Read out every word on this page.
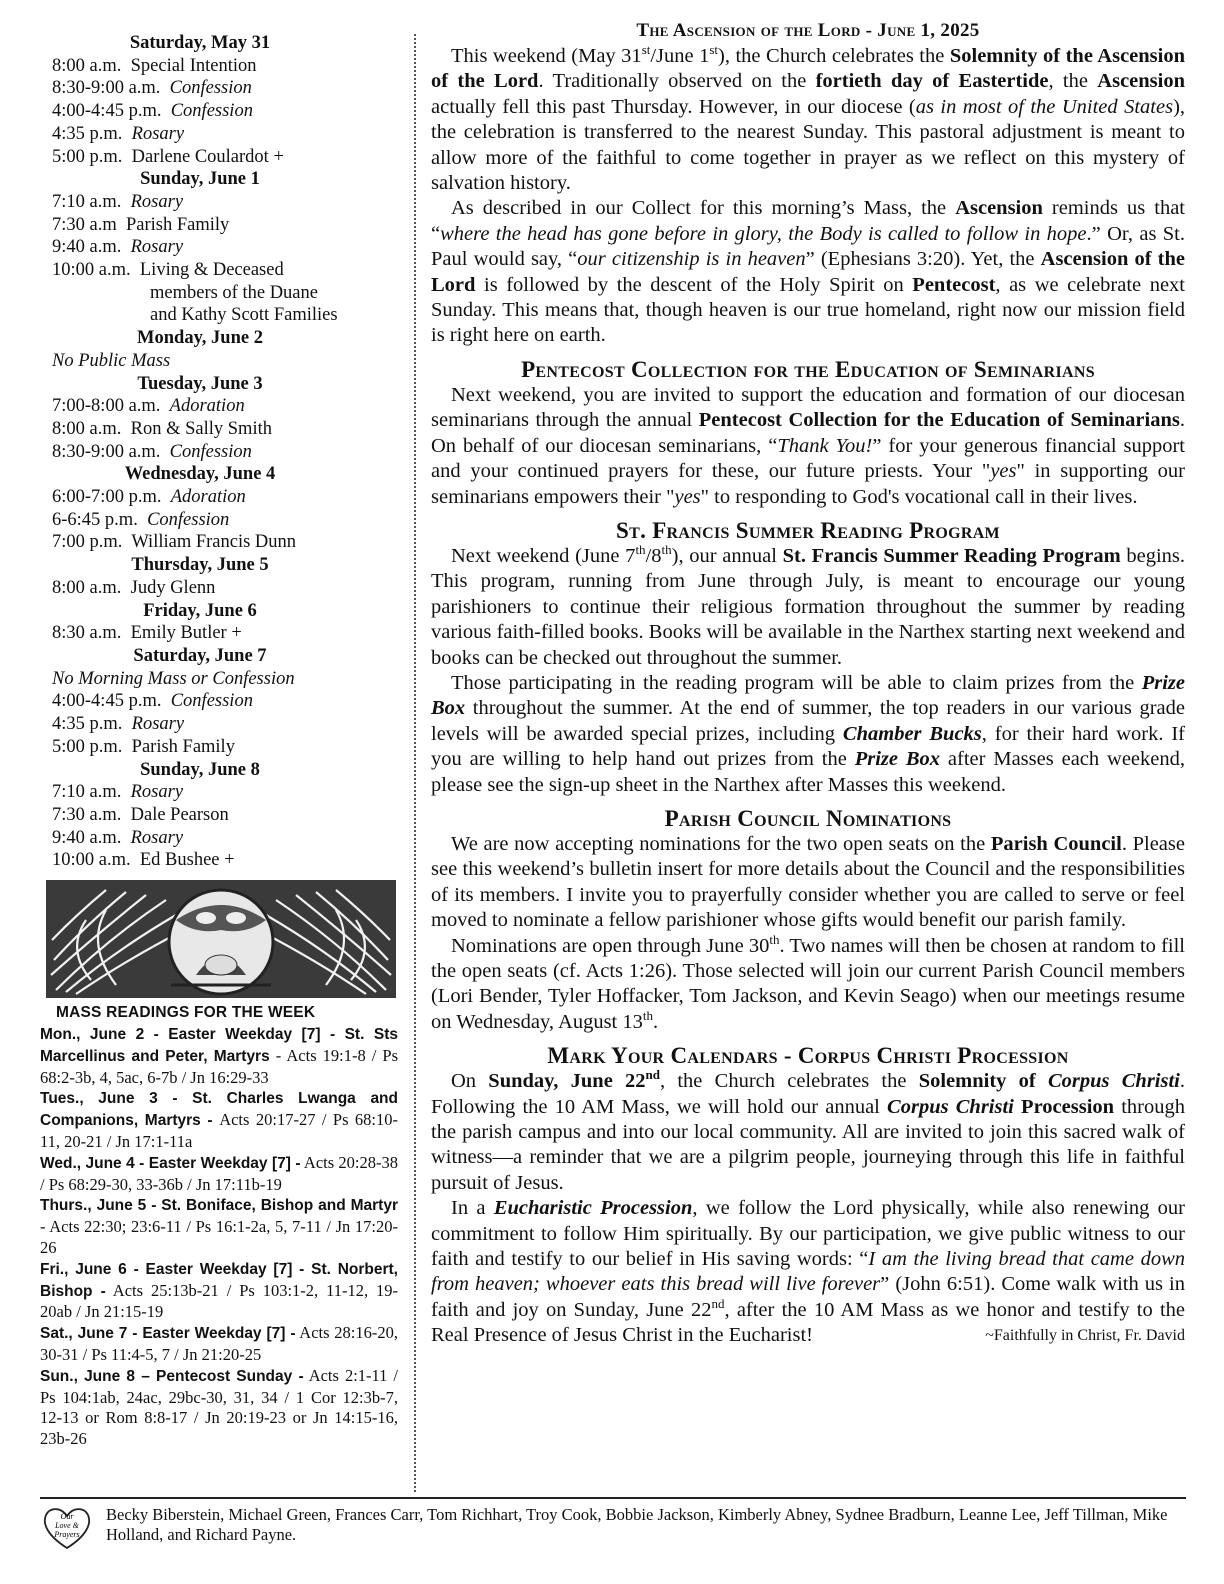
Saturday, May 31
8:00 a.m. Special Intention
8:30-9:00 a.m. Confession
4:00-4:45 p.m. Confession
4:35 p.m. Rosary
5:00 p.m. Darlene Coulardot +
Sunday, June 1
7:10 a.m. Rosary
7:30 a.m Parish Family
9:40 a.m. Rosary
10:00 a.m. Living & Deceased
members of the Duane
and Kathy Scott Families
Monday, June 2
No Public Mass
Tuesday, June 3
7:00-8:00 a.m. Adoration
8:00 a.m. Ron & Sally Smith
8:30-9:00 a.m. Confession
Wednesday, June 4
6:00-7:00 p.m. Adoration
6-6:45 p.m. Confession
7:00 p.m. William Francis Dunn
Thursday, June 5
8:00 a.m. Judy Glenn
Friday, June 6
8:30 a.m. Emily Butler +
Saturday, June 7
No Morning Mass or Confession
4:00-4:45 p.m. Confession
4:35 p.m. Rosary
5:00 p.m. Parish Family
Sunday, June 8
7:10 a.m. Rosary
7:30 a.m. Dale Pearson
9:40 a.m. Rosary
10:00 a.m. Ed Bushee +
MASS READINGS FOR THE WEEK

Mon., June 2 - Easter Weekday [7] - St. Sts Marcellinus and Peter, Martyrs - Acts 19:1-8 / Ps 68:2-3b, 4, 5ac, 6-7b / Jn 16:29-33

Tues., June 3 - St. Charles Lwanga and Companions, Martyrs - Acts 20:17-27 / Ps 68:10-11, 20-21 / Jn 17:1-11a

Wed., June 4 - Easter Weekday [7] - Acts 20:28-38 / Ps 68:29-30, 33-36b / Jn 17:11b-19

Thurs., June 5 - St. Boniface, Bishop and Martyr - Acts 22:30; 23:6-11 / Ps 16:1-2a, 5, 7-11 / Jn 17:20-26

Fri., June 6 - Easter Weekday [7] - St. Norbert, Bishop - Acts 25:13b-21 / Ps 103:1-2, 11-12, 19-20ab / Jn 21:15-19

Sat., June 7 - Easter Weekday [7] - Acts 28:16-20, 30-31 / Ps 11:4-5, 7 / Jn 21:20-25

Sun., June 8 – Pentecost Sunday - Acts 2:1-11 / Ps 104:1ab, 24ac, 29bc-30, 31, 34 / 1 Cor 12:3b-7, 12-13 or Rom 8:8-17 / Jn 20:19-23 or Jn 14:15-16, 23b-26

The Ascension of the Lord - June 1, 2025

This weekend (May 31st/June 1st), the Church celebrates the Solemnity of the Ascension of the Lord. Traditionally observed on the fortieth day of Eastertide, the Ascension actually fell this past Thursday. However, in our diocese (as in most of the United States), the celebration is transferred to the nearest Sunday. This pastoral adjustment is meant to allow more of the faithful to come together in prayer as we reflect on this mystery of salvation history.

As described in our Collect for this morning’s Mass, the Ascension reminds us that “where the head has gone before in glory, the Body is called to follow in hope.” Or, as St. Paul would say, “our citizenship is in heaven” (Ephesians 3:20). Yet, the Ascension of the Lord is followed by the descent of the Holy Spirit on Pentecost, as we celebrate next Sunday. This means that, though heaven is our true homeland, right now our mission field is right here on earth.

Pentecost Collection for the Education of Seminarians

Next weekend, you are invited to support the education and formation of our diocesan seminarians through the annual Pentecost Collection for the Education of Seminarians. On behalf of our diocesan seminarians, “Thank You!” for your generous financial support and your continued prayers for these, our future priests. Your "yes" in supporting our seminarians empowers their "yes" to responding to God's vocational call in their lives.

St. Francis Summer Reading Program

Next weekend (June 7th/8th), our annual St. Francis Summer Reading Program begins. This program, running from June through July, is meant to encourage our young parishioners to continue their religious formation throughout the summer by reading various faith-filled books. Books will be available in the Narthex starting next weekend and books can be checked out throughout the summer.

Those participating in the reading program will be able to claim prizes from the Prize Box throughout the summer. At the end of summer, the top readers in our various grade levels will be awarded special prizes, including Chamber Bucks, for their hard work. If you are willing to help hand out prizes from the Prize Box after Masses each weekend, please see the sign-up sheet in the Narthex after Masses this weekend.

Parish Council Nominations

We are now accepting nominations for the two open seats on the Parish Council. Please see this weekend’s bulletin insert for more details about the Council and the responsibilities of its members. I invite you to prayerfully consider whether you are called to serve or feel moved to nominate a fellow parishioner whose gifts would benefit our parish family.

Nominations are open through June 30th. Two names will then be chosen at random to fill the open seats (cf. Acts 1:26). Those selected will join our current Parish Council members (Lori Bender, Tyler Hoffacker, Tom Jackson, and Kevin Seago) when our meetings resume on Wednesday, August 13th.

Mark Your Calendars - Corpus Christi Procession

On Sunday, June 22nd, the Church celebrates the Solemnity of Corpus Christi. Following the 10 AM Mass, we will hold our annual Corpus Christi Procession through the parish campus and into our local community. All are invited to join this sacred walk of witness—a reminder that we are a pilgrim people, journeying through this life in faithful pursuit of Jesus.

In a Eucharistic Procession, we follow the Lord physically, while also renewing our commitment to follow Him spiritually. By our participation, we give public witness to our faith and testify to our belief in His saving words: “I am the living bread that came down from heaven; whoever eats this bread will live forever” (John 6:51). Come walk with us in faith and joy on Sunday, June 22nd, after the 10 AM Mass as we honor and testify to the Real Presence of Jesus Christ in the Eucharist!	~Faithfully in Christ, Fr. David
Our
Love &
Prayers
Becky Biberstein, Michael Green, Frances Carr, Tom Richhart, Troy Cook, Bobbie Jackson, Kimberly Abney, Sydnee Bradburn, Leanne Lee, Jeff Tillman, Mike Holland, and Richard Payne.
